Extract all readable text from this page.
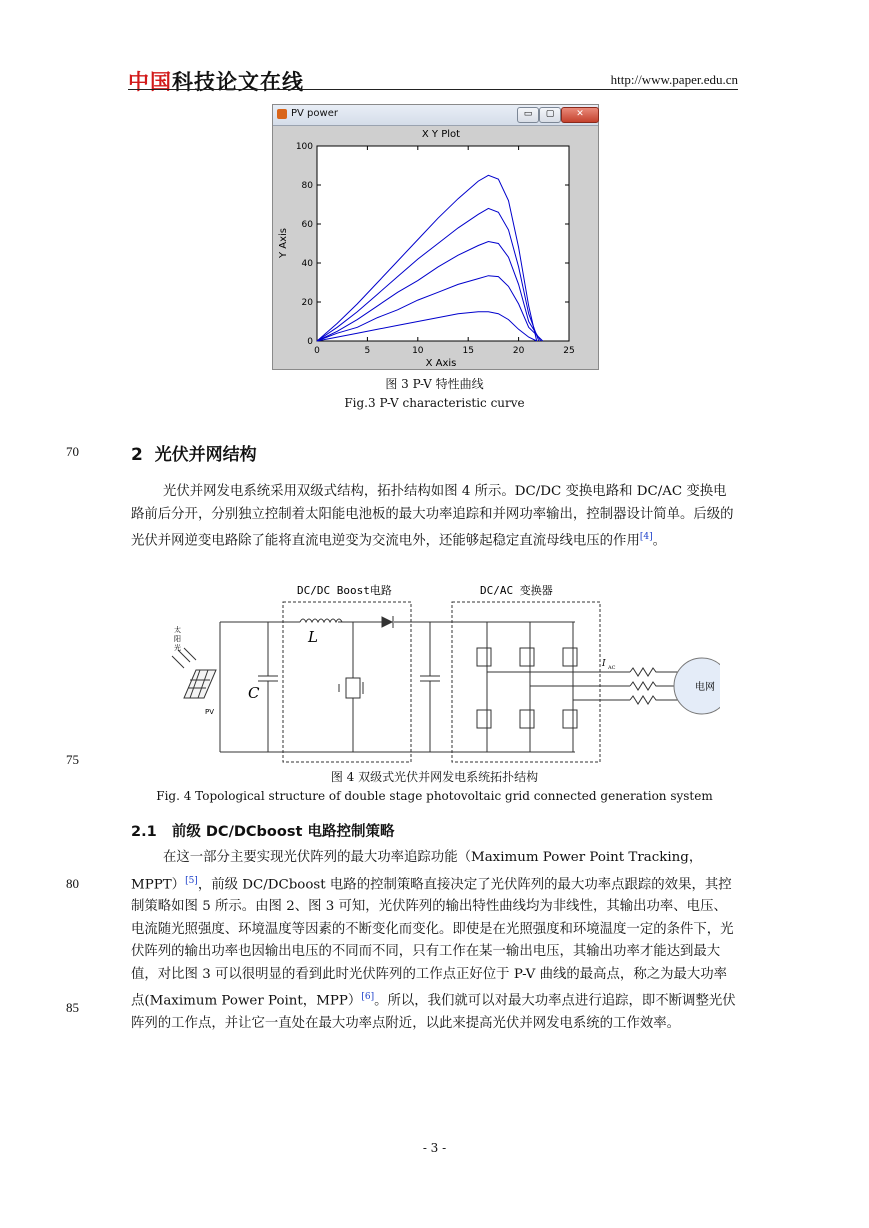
中国科技论文在线	http://www.paper.edu.cn
PV power	▭	▢	✕
X Y Plot
0
20
40
60
80
100
0	5	10	15	20	25
X Axis
Y Axis
图 3 P-V 特性曲线
Fig.3 P-V characteristic curve
70	2 光伏并网结构
光伏并网发电系统采用双级式结构，拓扑结构如图 4 所示。DC/DC 变换电路和 DC/AC 变换电路前后分开，分别独立控制着太阳能电池板的最大功率追踪和并网功率输出，控制器设计简单。后级的光伏并网逆变电路除了能将直流电逆变为交流电外，还能够起稳定直流母线电压的作用[4]。
电网
DC/DC Boost电路	DC/AC 变换器
L
C
PV
I AC
太阳光
75
图 4 双级式光伏并网发电系统拓扑结构
Fig. 4 Topological structure of double stage photovoltaic grid connected generation system
2.1 前级 DC/DCboost 电路控制策略
在这一部分主要实现光伏阵列的最大功率追踪功能（Maximum Power Point Tracking，MPPT）[5]，前级 DC/DCboost 电路的控制策略直接决定了光伏阵列的最大功率点跟踪的效果，其控制策略如图 5 所示。由图 2、图 3 可知，光伏阵列的输出特性曲线均为非线性，其输出功率、电压、电流随光照强度、环境温度等因素的不断变化而变化。即使是在光照强度和环境温度一定的条件下，光伏阵列的输出功率也因输出电压的不同而不同，只有工作在某一输出电压，其输出功率才能达到最大值，对比图 3 可以很明显的看到此时光伏阵列的工作点正好位于 P-V 曲线的最高点，称之为最大功率点(Maximum Power Point，MPP）[6]。所以，我们就可以对最大功率点进行追踪，即不断调整光伏阵列的工作点，并让它一直处在最大功率点附近，以此来提高光伏并网发电系统的工作效率。
80
85
- 3 -
